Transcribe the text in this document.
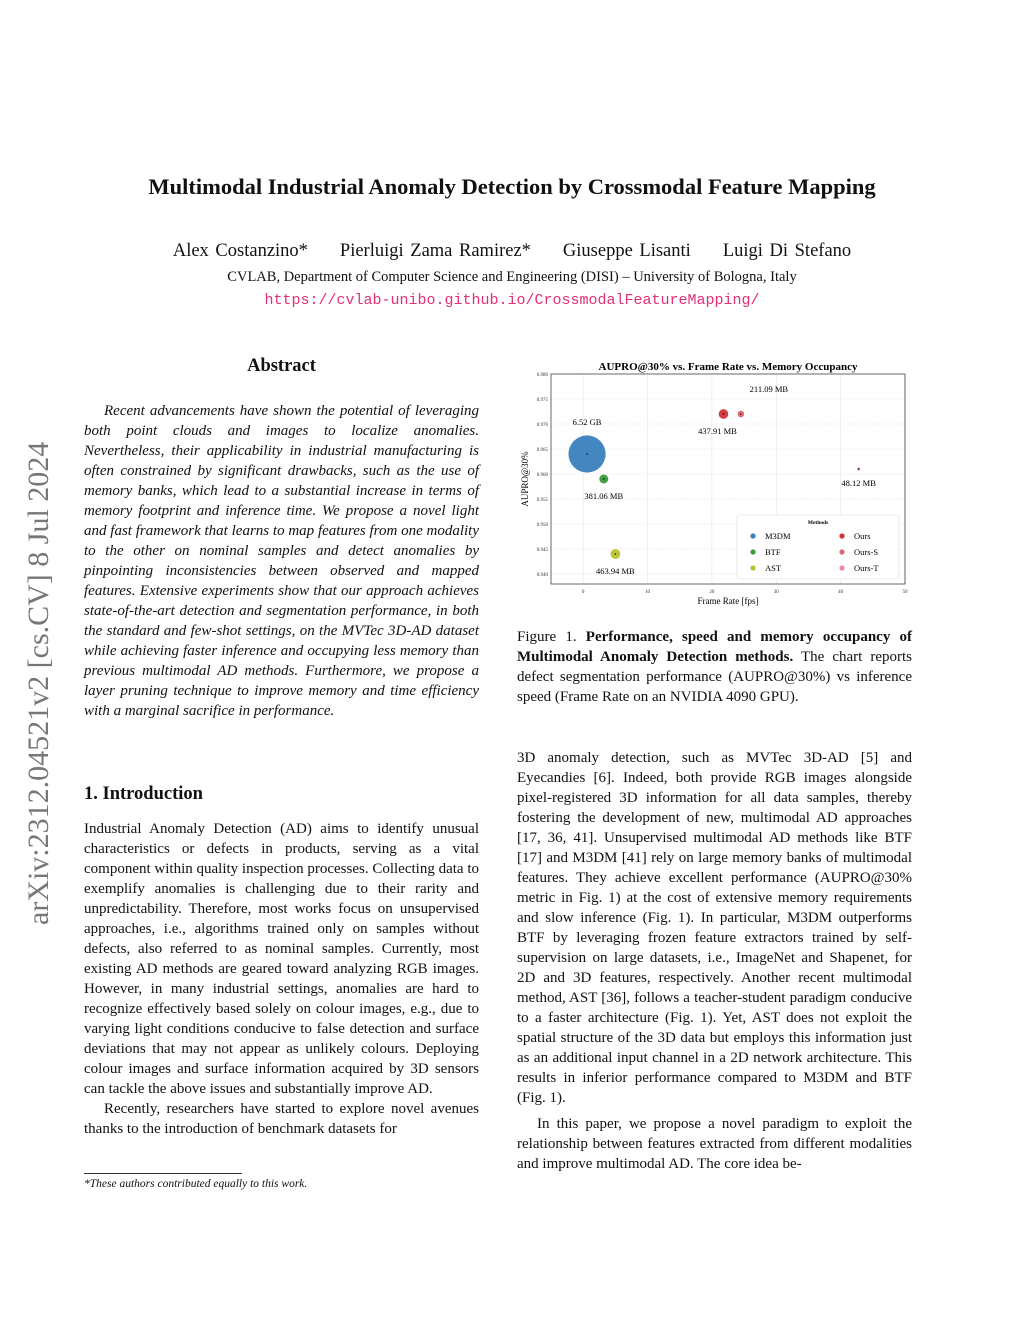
arXiv:2312.04521v2 [cs.CV] 8 Jul 2024
Multimodal Industrial Anomaly Detection by Crossmodal Feature Mapping
Alex Costanzino* Pierluigi Zama Ramirez* Giuseppe Lisanti Luigi Di Stefano
CVLAB, Department of Computer Science and Engineering (DISI) – University of Bologna, Italy
https://cvlab-unibo.github.io/CrossmodalFeatureMapping/
Abstract

Recent advancements have shown the potential of leveraging both point clouds and images to localize anomalies. Nevertheless, their applicability in industrial manufacturing is often constrained by significant drawbacks, such as the use of memory banks, which lead to a substantial increase in terms of memory footprint and inference time. We propose a novel light and fast framework that learns to map features from one modality to the other on nominal samples and detect anomalies by pinpointing inconsistencies between observed and mapped features. Extensive experiments show that our approach achieves state-of-the-art detection and segmentation performance, in both the standard and few-shot settings, on the MVTec 3D-AD dataset while achieving faster inference and occupying less memory than previous multimodal AD methods. Furthermore, we propose a layer pruning technique to improve memory and time efficiency with a marginal sacrifice in performance.

1. Introduction

Industrial Anomaly Detection (AD) aims to identify unusual characteristics or defects in products, serving as a vital component within quality inspection processes. Collecting data to exemplify anomalies is challenging due to their rarity and unpredictability. Therefore, most works focus on unsupervised approaches, i.e., algorithms trained only on samples without defects, also referred to as nominal samples. Currently, most existing AD methods are geared toward analyzing RGB images. However, in many industrial settings, anomalies are hard to recognize effectively based solely on colour images, e.g., due to varying light conditions conducive to false detection and surface deviations that may not appear as unlikely colours. Deploying colour images and surface information acquired by 3D sensors can tackle the above issues and substantially improve AD.

Recently, researchers have started to explore novel avenues thanks to the introduction of benchmark datasets for

*These authors contributed equally to this work.
AUPRO@30% vs. Frame Rate vs. Memory Occupancy
0	10	20	30	40	50
0.940
0.945
0.950
0.955
0.960
0.965
0.970
0.975
0.980
Frame Rate [fps]
AUPRO@30%
6.52 GB
381.06 MB
463.94 MB
437.91 MB
211.09 MB
48.12 MB
Methods
M3DM
BTF
AST
Ours
Ours-S
Ours-T

Figure 1. Performance, speed and memory occupancy of Multimodal Anomaly Detection methods. The chart reports defect segmentation performance (AUPRO@30%) vs inference speed (Frame Rate on an NVIDIA 4090 GPU).

3D anomaly detection, such as MVTec 3D-AD [5] and Eyecandies [6]. Indeed, both provide RGB images alongside pixel-registered 3D information for all data samples, thereby fostering the development of new, multimodal AD approaches [17, 36, 41]. Unsupervised multimodal AD methods like BTF [17] and M3DM [41] rely on large memory banks of multimodal features. They achieve excellent performance (AUPRO@30% metric in Fig. 1) at the cost of extensive memory requirements and slow inference (Fig. 1). In particular, M3DM outperforms BTF by leveraging frozen feature extractors trained by self-supervision on large datasets, i.e., ImageNet and Shapenet, for 2D and 3D features, respectively. Another recent multimodal method, AST [36], follows a teacher-student paradigm conducive to a faster architecture (Fig. 1). Yet, AST does not exploit the spatial structure of the 3D data but employs this information just as an additional input channel in a 2D network architecture. This results in inferior performance compared to M3DM and BTF (Fig. 1).

In this paper, we propose a novel paradigm to exploit the relationship between features extracted from different modalities and improve multimodal AD. The core idea be-
